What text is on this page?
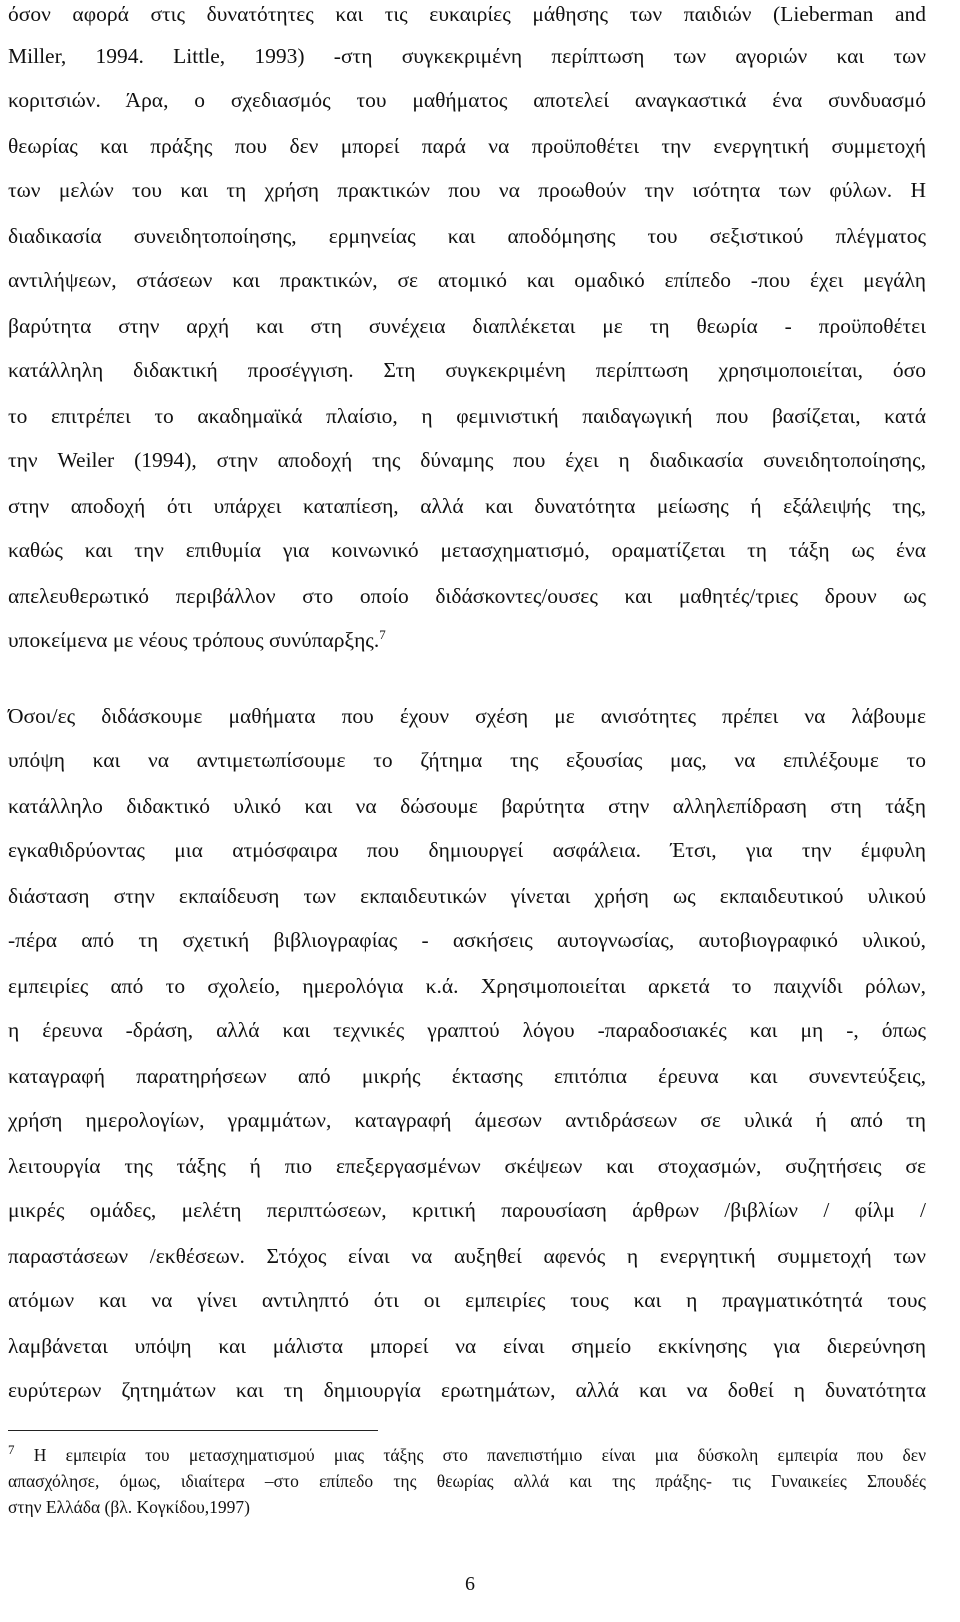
όσον αφορά στις δυνατότητες και τις ευκαιρίες μάθησης των παιδιών (Lieberman and
Miller, 1994. Little, 1993) -στη συγκεκριμένη περίπτωση των αγοριών και των
κοριτσιών. Άρα, ο σχεδιασμός του μαθήματος αποτελεί αναγκαστικά ένα συνδυασμό
θεωρίας και πράξης που δεν μπορεί παρά να προϋποθέτει την ενεργητική συμμετοχή
των μελών του και τη χρήση πρακτικών που να προωθούν την ισότητα των φύλων. Η
διαδικασία συνειδητοποίησης, ερμηνείας και αποδόμησης του σεξιστικού πλέγματος
αντιλήψεων, στάσεων και πρακτικών, σε ατομικό και ομαδικό επίπεδο -που έχει μεγάλη
βαρύτητα στην αρχή και στη συνέχεια διαπλέκεται με τη θεωρία - προϋποθέτει
κατάλληλη διδακτική προσέγγιση. Στη συγκεκριμένη περίπτωση χρησιμοποιείται, όσο
το επιτρέπει το ακαδημαϊκά πλαίσιο, η φεμινιστική παιδαγωγική που βασίζεται, κατά
την Weiler (1994), στην αποδοχή της δύναμης που έχει η διαδικασία συνειδητοποίησης,
στην αποδοχή ότι υπάρχει καταπίεση, αλλά και δυνατότητα μείωσης ή εξάλειψής της,
καθώς και την επιθυμία για κοινωνικό μετασχηματισμό, οραματίζεται τη τάξη ως ένα
απελευθερωτικό περιβάλλον στο οποίο διδάσκοντες/ουσες και μαθητές/τριες δρουν ως
υποκείμενα με νέους τρόπους συνύπαρξης.$^7$
Όσοι/ες διδάσκουμε μαθήματα που έχουν σχέση με ανισότητες πρέπει να λάβουμε
υπόψη και να αντιμετωπίσουμε το ζήτημα της εξουσίας μας, να επιλέξουμε το
κατάλληλο διδακτικό υλικό και να δώσουμε βαρύτητα στην αλληλεπίδραση στη τάξη
εγκαθιδρύοντας μια ατμόσφαιρα που δημιουργεί ασφάλεια. Έτσι, για την έμφυλη
διάσταση στην εκπαίδευση των εκπαιδευτικών γίνεται χρήση ως εκπαιδευτικού υλικού
-πέρα από τη σχετική βιβλιογραφίας - ασκήσεις αυτογνωσίας, αυτοβιογραφικό υλικού,
εμπειρίες από το σχολείο, ημερολόγια κ.ά. Χρησιμοποιείται αρκετά το παιχνίδι ρόλων,
η έρευνα -δράση, αλλά και τεχνικές γραπτού λόγου -παραδοσιακές και μη -, όπως
καταγραφή παρατηρήσεων από μικρής έκτασης επιτόπια έρευνα και συνεντεύξεις,
χρήση ημερολογίων, γραμμάτων, καταγραφή άμεσων αντιδράσεων σε υλικά ή από τη
λειτουργία της τάξης ή πιο επεξεργασμένων σκέψεων και στοχασμών, συζητήσεις σε
μικρές ομάδες, μελέτη περιπτώσεων, κριτική παρουσίαση άρθρων /βιβλίων / φίλμ /
παραστάσεων /εκθέσεων. Στόχος είναι να αυξηθεί αφενός η ενεργητική συμμετοχή των
ατόμων και να γίνει αντιληπτό ότι οι εμπειρίες τους και η πραγματικότητά τους
λαμβάνεται υπόψη και μάλιστα μπορεί να είναι σημείο εκκίνησης για διερεύνηση
ευρύτερων ζητημάτων και τη δημιουργία ερωτημάτων, αλλά και να δοθεί η δυνατότητα
$^7$ Η εμπειρία του μετασχηματισμού μιας τάξης στο πανεπιστήμιο είναι μια δύσκολη εμπειρία που δεν
απασχόλησε, όμως, ιδιαίτερα –στο επίπεδο της θεωρίας αλλά και της πράξης- τις Γυναικείες Σπουδές
στην Ελλάδα (βλ. Κογκίδου,1997)
6
